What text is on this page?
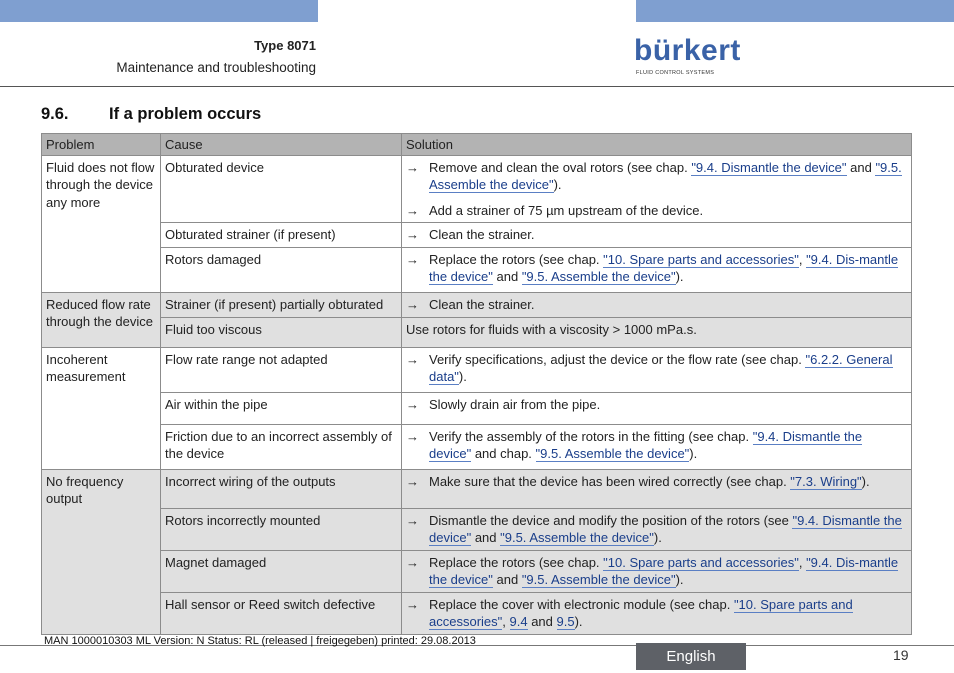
Type 8071
Maintenance and troubleshooting
bürkert
FLUID CONTROL SYSTEMS
9.6. If a problem occurs
Problem	Cause	Solution
Fluid does not flow through the device any more	Obturated device	→ Remove and clean the oval rotors (see chap. "9.4. Dismantle the device" and "9.5. Assemble the device").
→ Add a strainer of 75 µm upstream of the device.

	Obturated strainer (if present)	→ Clean the strainer.

	Rotors damaged	→ Replace the rotors (see chap. "10. Spare parts and accessories", "9.4. Dis-mantle the device" and "9.5. Assemble the device").

Reduced flow rate through the device	Strainer (if present) partially obturated	→ Clean the strainer.

	Fluid too viscous	Use rotors for fluids with a viscosity > 1000 mPa.s.

Incoherent measurement	Flow rate range not adapted	→ Verify specifications, adjust the device or the flow rate (see chap. "6.2.2. General data").

	Air within the pipe	→ Slowly drain air from the pipe.

	Friction due to an incorrect assembly of the device	→ Verify the assembly of the rotors in the fitting (see chap. "9.4. Dismantle the device" and chap. "9.5. Assemble the device").

No frequency output	Incorrect wiring of the outputs	→ Make sure that the device has been wired correctly (see chap. "7.3. Wiring").

	Rotors incorrectly mounted	→ Dismantle the device and modify the position of the rotors (see "9.4. Dismantle the device" and "9.5. Assemble the device").

	Magnet damaged	→ Replace the rotors (see chap. "10. Spare parts and accessories", "9.4. Dis-mantle the device" and "9.5. Assemble the device").

	Hall sensor or Reed switch defective	→ Replace the cover with electronic module (see chap. "10. Spare parts and accessories", 9.4 and 9.5).
MAN 1000010303 ML Version: N Status: RL (released | freigegeben) printed: 29.08.2013
English	19
